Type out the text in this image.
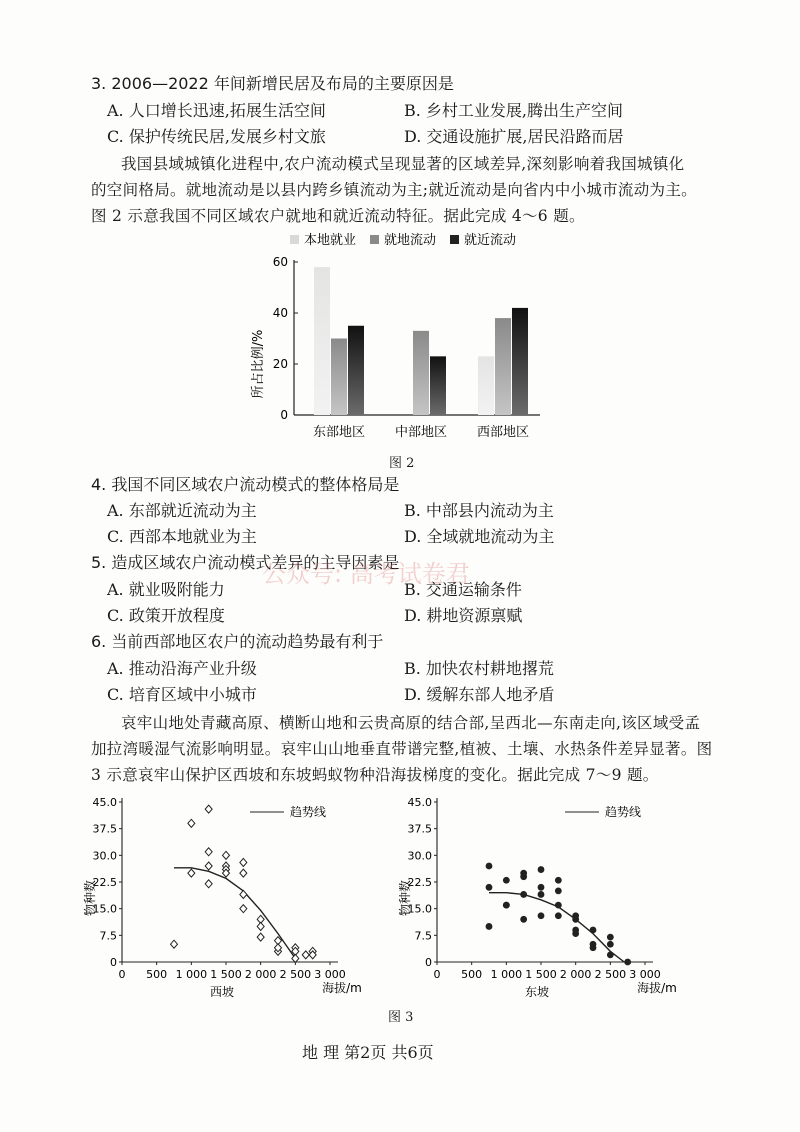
3. 2006—2022 年间新增民居及布局的主要原因是
A. 人口增长迅速,拓展生活空间	B. 乡村工业发展,腾出生产空间
C. 保护传统民居,发展乡村文旅	D. 交通设施扩展,居民沿路而居
我国县域城镇化进程中,农户流动模式呈现显著的区域差异,深刻影响着我国城镇化
的空间格局。就地流动是以县内跨乡镇流动为主;就近流动是向省内中小城市流动为主。
图 2 示意我国不同区域农户就地和就近流动特征。据此完成 4～6 题。
本地就业 就地流动 就近流动
0
20
40
60
东部地区 中部地区 西部地区
所占比例/%
图 2
4. 我国不同区域农户流动模式的整体格局是
A. 东部就近流动为主	B. 中部县内流动为主
C. 西部本地就业为主	D. 全域就地流动为主
5. 造成区域农户流动模式差异的主导因素是
公众号: 高考试卷君
A. 就业吸附能力	B. 交通运输条件
C. 政策开放程度	D. 耕地资源禀赋
6. 当前西部地区农户的流动趋势最有利于
A. 推动沿海产业升级	B. 加快农村耕地撂荒
C. 培育区域中小城市	D. 缓解东部人地矛盾
哀牢山地处青藏高原、横断山地和云贵高原的结合部,呈西北—东南走向,该区域受孟
加拉湾暖湿气流影响明显。哀牢山山地垂直带谱完整,植被、土壤、水热条件差异显著。图
3 示意哀牢山保护区西坡和东坡蚂蚁物种沿海拔梯度的变化。据此完成 7～9 题。
0
7.5
15.0
22.5
30.0
37.5
45.0
0 500 1 000 1 500 2 000 2 500 3 000
物种数
西坡	海拔/m
趋势线
0
7.5
15.0
22.5
30.0
37.5
45.0
0 500 1 000 1 500 2 000 2 500 3 000
物种数
东坡	海拔/m
趋势线
图 3
地 理 第2页 共6页
